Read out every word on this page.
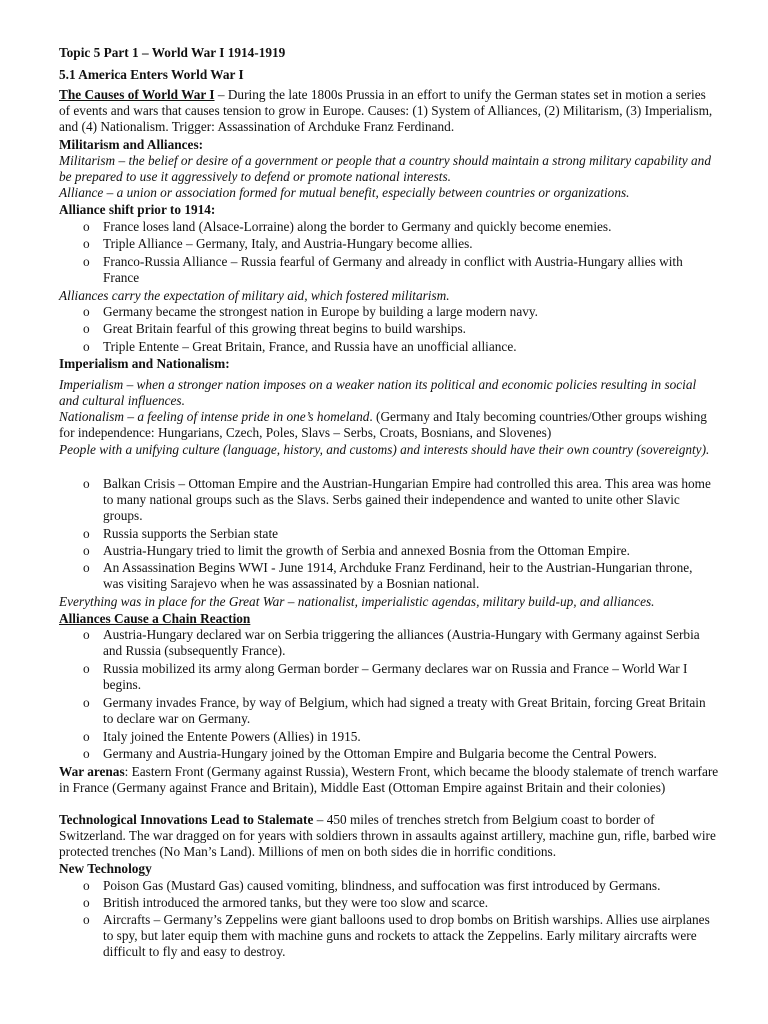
Topic 5 Part 1 – World War I 1914-1919

5.1 America Enters World War I

The Causes of World War I – During the late 1800s Prussia in an effort to unify the German states set in motion a series of events and wars that causes tension to grow in Europe. Causes: (1) System of Alliances, (2) Militarism, (3) Imperialism, and (4) Nationalism. Trigger: Assassination of Archduke Franz Ferdinand.

Militarism and Alliances:

Militarism – the belief or desire of a government or people that a country should maintain a strong military capability and be prepared to use it aggressively to defend or promote national interests.

Alliance – a union or association formed for mutual benefit, especially between countries or organizations.

Alliance shift prior to 1914:

o France loses land (Alsace-Lorraine) along the border to Germany and quickly become enemies.

o Triple Alliance – Germany, Italy, and Austria-Hungary become allies.

o Franco-Russia Alliance – Russia fearful of Germany and already in conflict with Austria-Hungary allies with France

Alliances carry the expectation of military aid, which fostered militarism.

o Germany became the strongest nation in Europe by building a large modern navy.

o Great Britain fearful of this growing threat begins to build warships.

o Triple Entente – Great Britain, France, and Russia have an unofficial alliance.

Imperialism and Nationalism:

Imperialism – when a stronger nation imposes on a weaker nation its political and economic policies resulting in social and cultural influences.

Nationalism – a feeling of intense pride in one’s homeland. (Germany and Italy becoming countries/Other groups wishing for independence: Hungarians, Czech, Poles, Slavs – Serbs, Croats, Bosnians, and Slovenes)

People with a unifying culture (language, history, and customs) and interests should have their own country (sovereignty).

o Balkan Crisis – Ottoman Empire and the Austrian-Hungarian Empire had controlled this area. This area was home to many national groups such as the Slavs. Serbs gained their independence and wanted to unite other Slavic groups.

o Russia supports the Serbian state

o Austria-Hungary tried to limit the growth of Serbia and annexed Bosnia from the Ottoman Empire.

o An Assassination Begins WWI - June 1914, Archduke Franz Ferdinand, heir to the Austrian-Hungarian throne, was visiting Sarajevo when he was assassinated by a Bosnian national.

Everything was in place for the Great War – nationalist, imperialistic agendas, military build-up, and alliances.

Alliances Cause a Chain Reaction

o Austria-Hungary declared war on Serbia triggering the alliances (Austria-Hungary with Germany against Serbia and Russia (subsequently France).

o Russia mobilized its army along German border – Germany declares war on Russia and France – World War I begins.

o Germany invades France, by way of Belgium, which had signed a treaty with Great Britain, forcing Great Britain to declare war on Germany.

o Italy joined the Entente Powers (Allies) in 1915.

o Germany and Austria-Hungary joined by the Ottoman Empire and Bulgaria become the Central Powers.

War arenas: Eastern Front (Germany against Russia), Western Front, which became the bloody stalemate of trench warfare in France (Germany against France and Britain), Middle East (Ottoman Empire against Britain and their colonies)

Technological Innovations Lead to Stalemate – 450 miles of trenches stretch from Belgium coast to border of Switzerland. The war dragged on for years with soldiers thrown in assaults against artillery, machine gun, rifle, barbed wire protected trenches (No Man’s Land). Millions of men on both sides die in horrific conditions.

New Technology

o Poison Gas (Mustard Gas) caused vomiting, blindness, and suffocation was first introduced by Germans.

o British introduced the armored tanks, but they were too slow and scarce.

o Aircrafts – Germany’s Zeppelins were giant balloons used to drop bombs on British warships. Allies use airplanes to spy, but later equip them with machine guns and rockets to attack the Zeppelins. Early military aircrafts were difficult to fly and easy to destroy.
